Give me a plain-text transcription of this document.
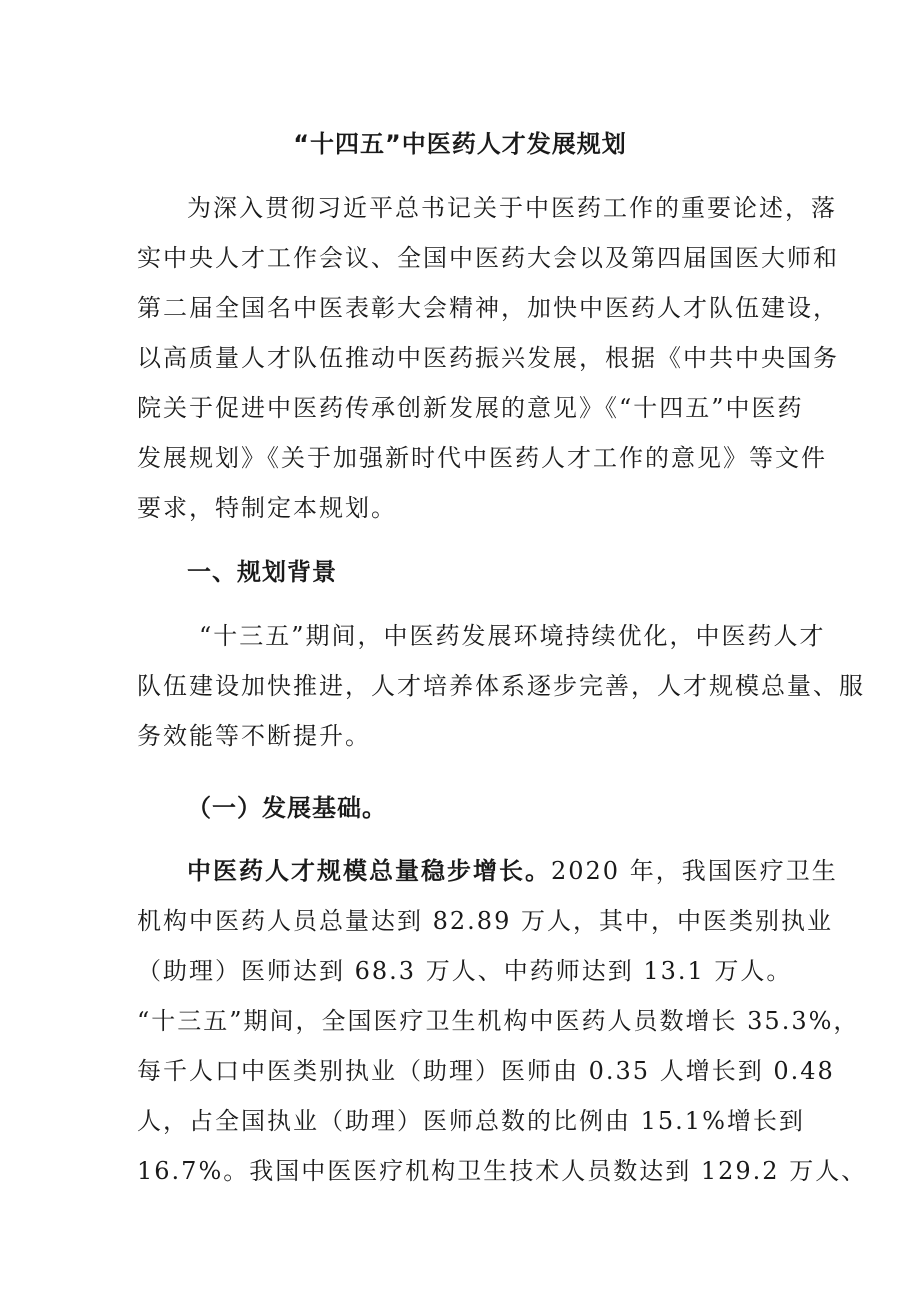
“十四五”中医药人才发展规划

为深入贯彻习近平总书记关于中医药工作的重要论述，落

实中央人才工作会议、全国中医药大会以及第四届国医大师和

第二届全国名中医表彰大会精神，加快中医药人才队伍建设，

以高质量人才队伍推动中医药振兴发展，根据《中共中央国务

院关于促进中医药传承创新发展的意见》《“十四五”中医药

发展规划》《关于加强新时代中医药人才工作的意见》等文件

要求，特制定本规划。

一、规划背景

“十三五”期间，中医药发展环境持续优化，中医药人才

队伍建设加快推进，人才培养体系逐步完善，人才规模总量、服

务效能等不断提升。

（一）发展基础。

中医药人才规模总量稳步增长。2020 年，我国医疗卫生

机构中医药人员总量达到 82.89 万人，其中，中医类别执业

（助理）医师达到 68.3 万人、中药师达到 13.1 万人。

“十三五”期间，全国医疗卫生机构中医药人员数增长 35.3%，

每千人口中医类别执业（助理）医师由 0.35 人增长到 0.48

人，占全国执业（助理）医师总数的比例由 15.1%增长到

16.7%。我国中医医疗机构卫生技术人员数达到 129.2 万人、
